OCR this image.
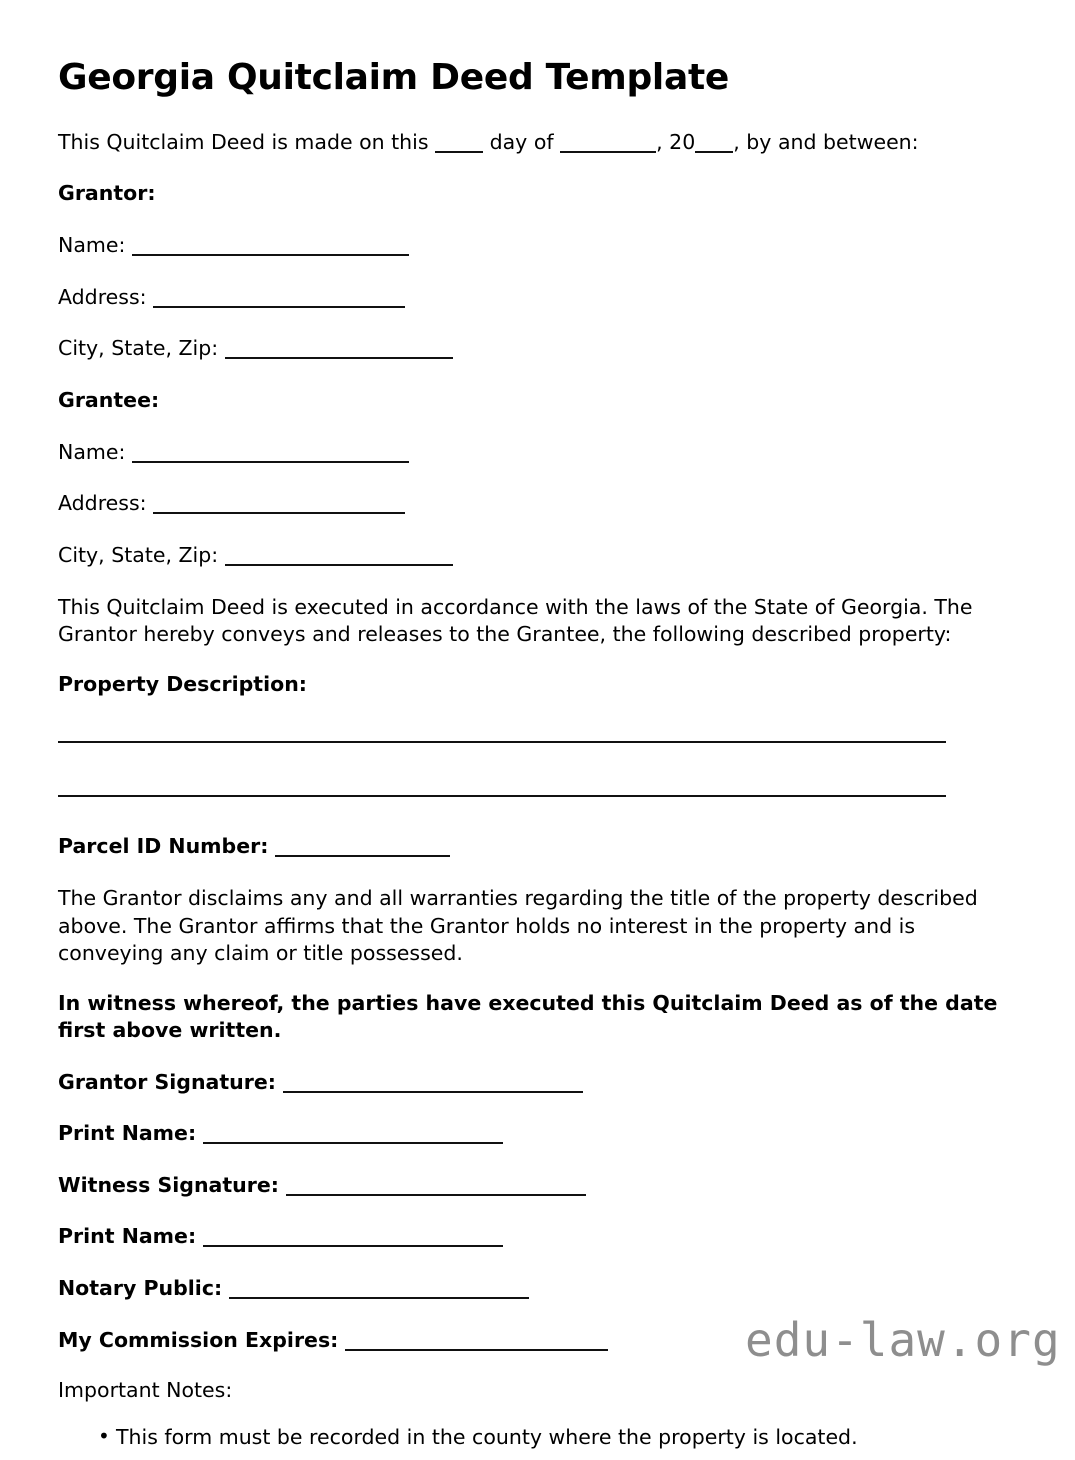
Georgia Quitclaim Deed Template

This Quitclaim Deed is made on this	day of	, 20 , by and between:

Grantor:
Name:
Address:
City, State, Zip:
Grantee:
Name:
Address:
City, State, Zip:

This Quitclaim Deed is executed in accordance with the laws of the State of Georgia. The Grantor hereby conveys and releases to the Grantee, the following described property:

Property Description:
Parcel ID Number:

The Grantor disclaims any and all warranties regarding the title of the property described above. The Grantor affirms that the Grantor holds no interest in the property and is conveying any claim or title possessed.

In witness whereof, the parties have executed this Quitclaim Deed as of the date first above written.
Grantor Signature:
Print Name:
Witness Signature:
Print Name:
Notary Public:
My Commission Expires:
Important Notes:
• This form must be recorded in the county where the property is located.
edu-law.org
